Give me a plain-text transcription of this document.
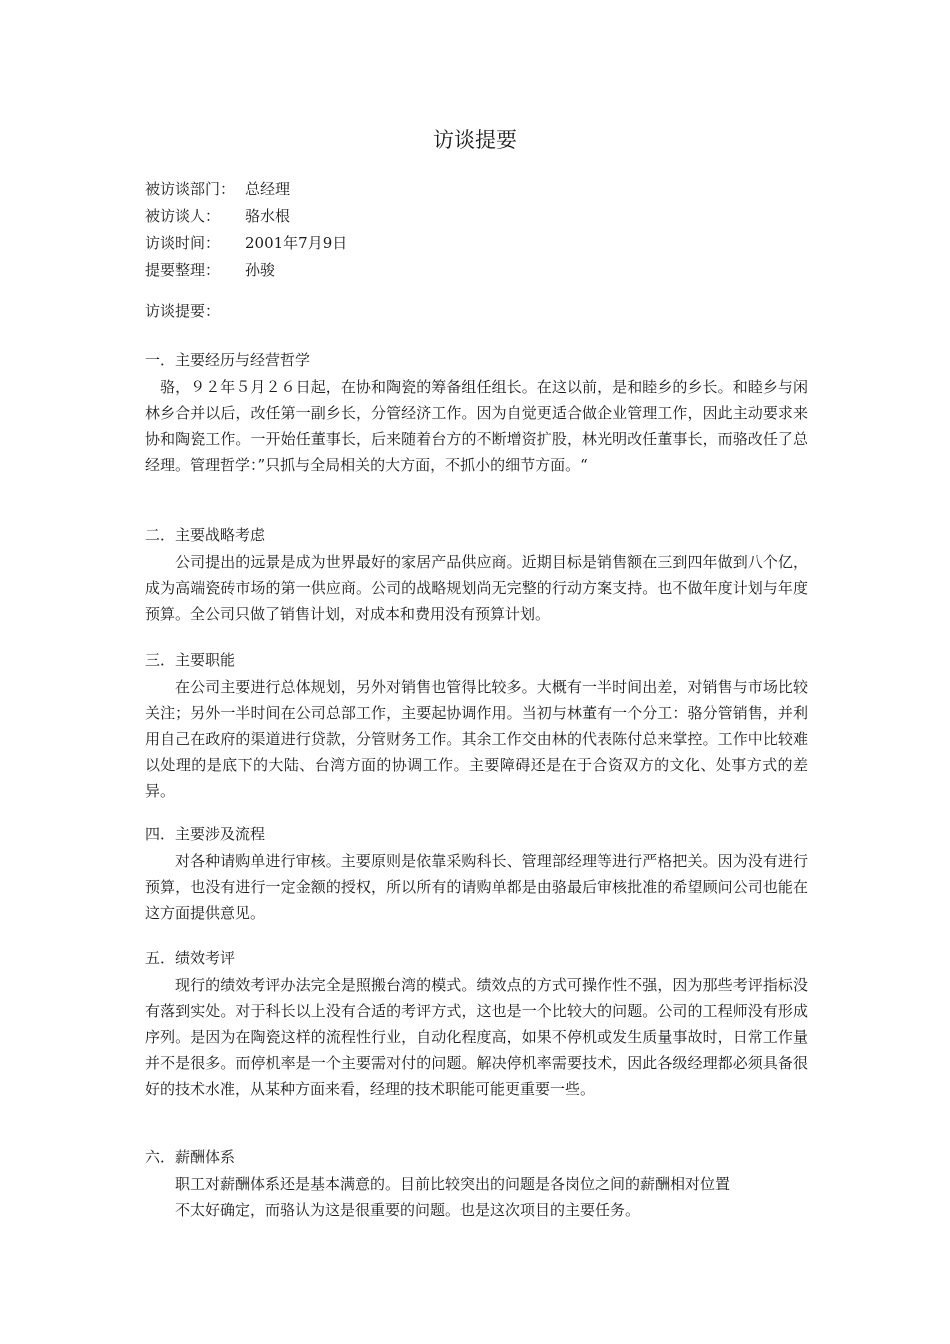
访谈提要
被访谈部门： 总经理
被访谈人： 骆水根
访谈时间： 2001年7月9日
提要整理： 孙骏
访谈提要：
一．主要经历与经营哲学

骆，９２年５月２６日起，在协和陶瓷的筹备组任组长。在这以前，是和睦乡的乡长。和睦乡与闲林乡合并以后，改任第一副乡长，分管经济工作。因为自觉更适合做企业管理工作，因此主动要求来协和陶瓷工作。一开始任董事长，后来随着台方的不断增资扩股，林光明改任董事长，而骆改任了总经理。管理哲学：”只抓与全局相关的大方面，不抓小的细节方面。“

二．主要战略考虑

公司提出的远景是成为世界最好的家居产品供应商。近期目标是销售额在三到四年做到八个亿，成为高端瓷砖市场的第一供应商。公司的战略规划尚无完整的行动方案支持。也不做年度计划与年度预算。全公司只做了销售计划，对成本和费用没有预算计划。

三．主要职能

在公司主要进行总体规划，另外对销售也管得比较多。大概有一半时间出差，对销售与市场比较关注；另外一半时间在公司总部工作，主要起协调作用。当初与林董有一个分工：骆分管销售，并利用自己在政府的渠道进行贷款，分管财务工作。其余工作交由林的代表陈付总来掌控。工作中比较难以处理的是底下的大陆、台湾方面的协调工作。主要障碍还是在于合资双方的文化、处事方式的差异。

四．主要涉及流程

对各种请购单进行审核。主要原则是依靠采购科长、管理部经理等进行严格把关。因为没有进行预算，也没有进行一定金额的授权，所以所有的请购单都是由骆最后审核批准的希望顾问公司也能在这方面提供意见。

五．绩效考评

现行的绩效考评办法完全是照搬台湾的模式。绩效点的方式可操作性不强，因为那些考评指标没有落到实处。对于科长以上没有合适的考评方式，这也是一个比较大的问题。公司的工程师没有形成序列。是因为在陶瓷这样的流程性行业，自动化程度高，如果不停机或发生质量事故时，日常工作量并不是很多。而停机率是一个主要需对付的问题。解决停机率需要技术，因此各级经理都必须具备很好的技术水准，从某种方面来看，经理的技术职能可能更重要一些。

六．薪酬体系
职工对薪酬体系还是基本满意的。目前比较突出的问题是各岗位之间的薪酬相对位置
不太好确定，而骆认为这是很重要的问题。也是这次项目的主要任务。
